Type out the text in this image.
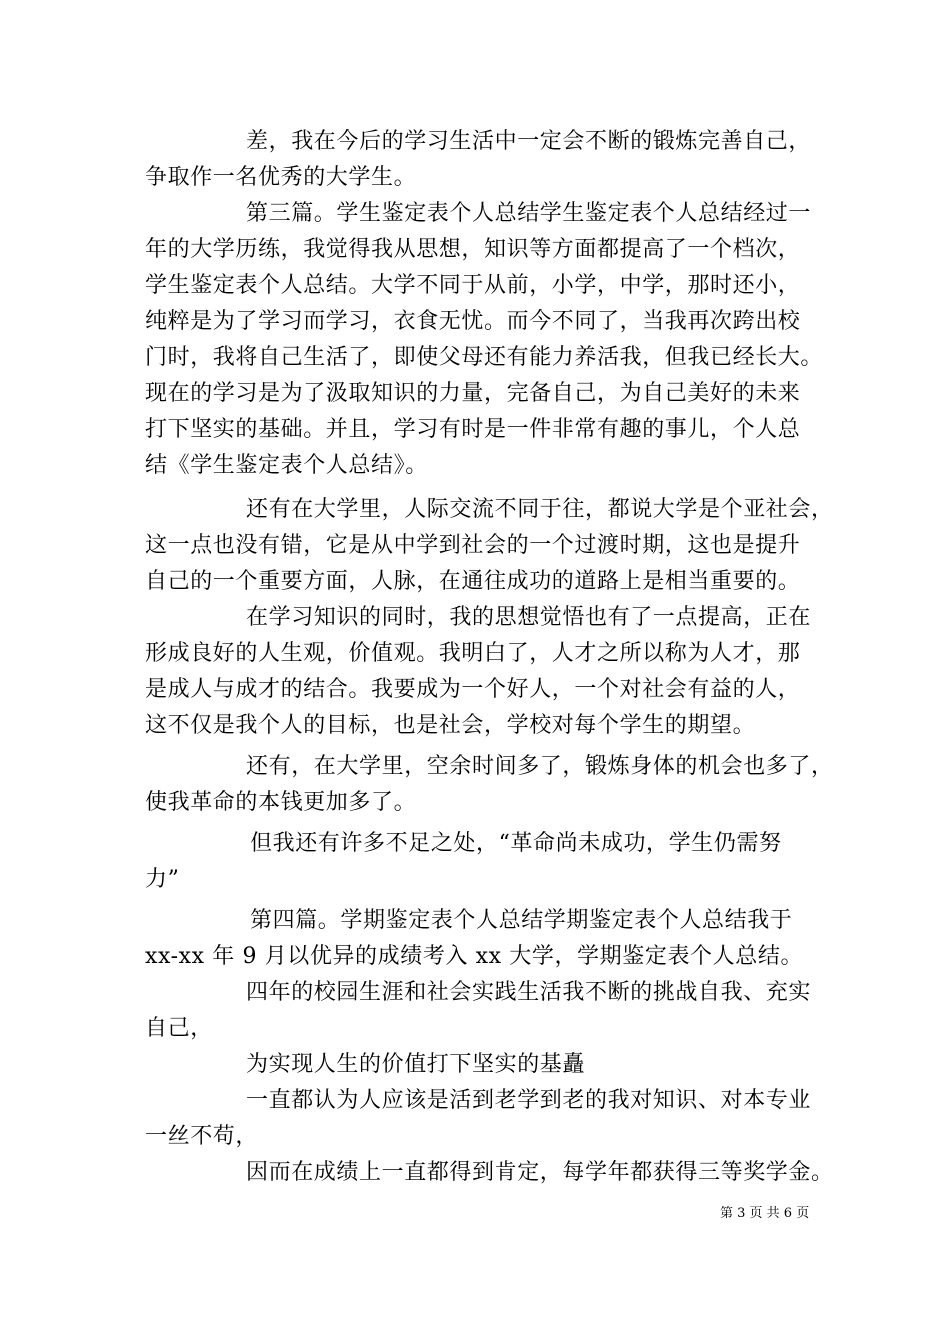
差，我在今后的学习生活中一定会不断的锻炼完善自己，
争取作一名优秀的大学生。
第三篇。学生鉴定表个人总结学生鉴定表个人总结经过一
年的大学历练，我觉得我从思想，知识等方面都提高了一个档次，
学生鉴定表个人总结。大学不同于从前，小学，中学，那时还小，
纯粹是为了学习而学习，衣食无忧。而今不同了，当我再次跨出校
门时，我将自己生活了，即使父母还有能力养活我，但我已经长大。
现在的学习是为了汲取知识的力量，完备自己，为自己美好的未来
打下坚实的基础。并且，学习有时是一件非常有趣的事儿，个人总
结《学生鉴定表个人总结》。
还有在大学里，人际交流不同于往，都说大学是个亚社会，
这一点也没有错，它是从中学到社会的一个过渡时期，这也是提升
自己的一个重要方面，人脉，在通往成功的道路上是相当重要的。
在学习知识的同时，我的思想觉悟也有了一点提高，正在
形成良好的人生观，价值观。我明白了，人才之所以称为人才，那
是成人与成才的结合。我要成为一个好人，一个对社会有益的人，
这不仅是我个人的目标，也是社会，学校对每个学生的期望。
还有，在大学里，空余时间多了，锻炼身体的机会也多了，
使我革命的本钱更加多了。
但我还有许多不足之处，“革命尚未成功，学生仍需努
力”
第四篇。学期鉴定表个人总结学期鉴定表个人总结我于
xx-xx 年 9 月以优异的成绩考入 xx 大学，学期鉴定表个人总结。
四年的校园生涯和社会实践生活我不断的挑战自我、充实
自己，
为实现人生的价值打下坚实的基矗
一直都认为人应该是活到老学到老的我对知识、对本专业
一丝不苟，
因而在成绩上一直都得到肯定，每学年都获得三等奖学金。
第 3 页 共 6 页
